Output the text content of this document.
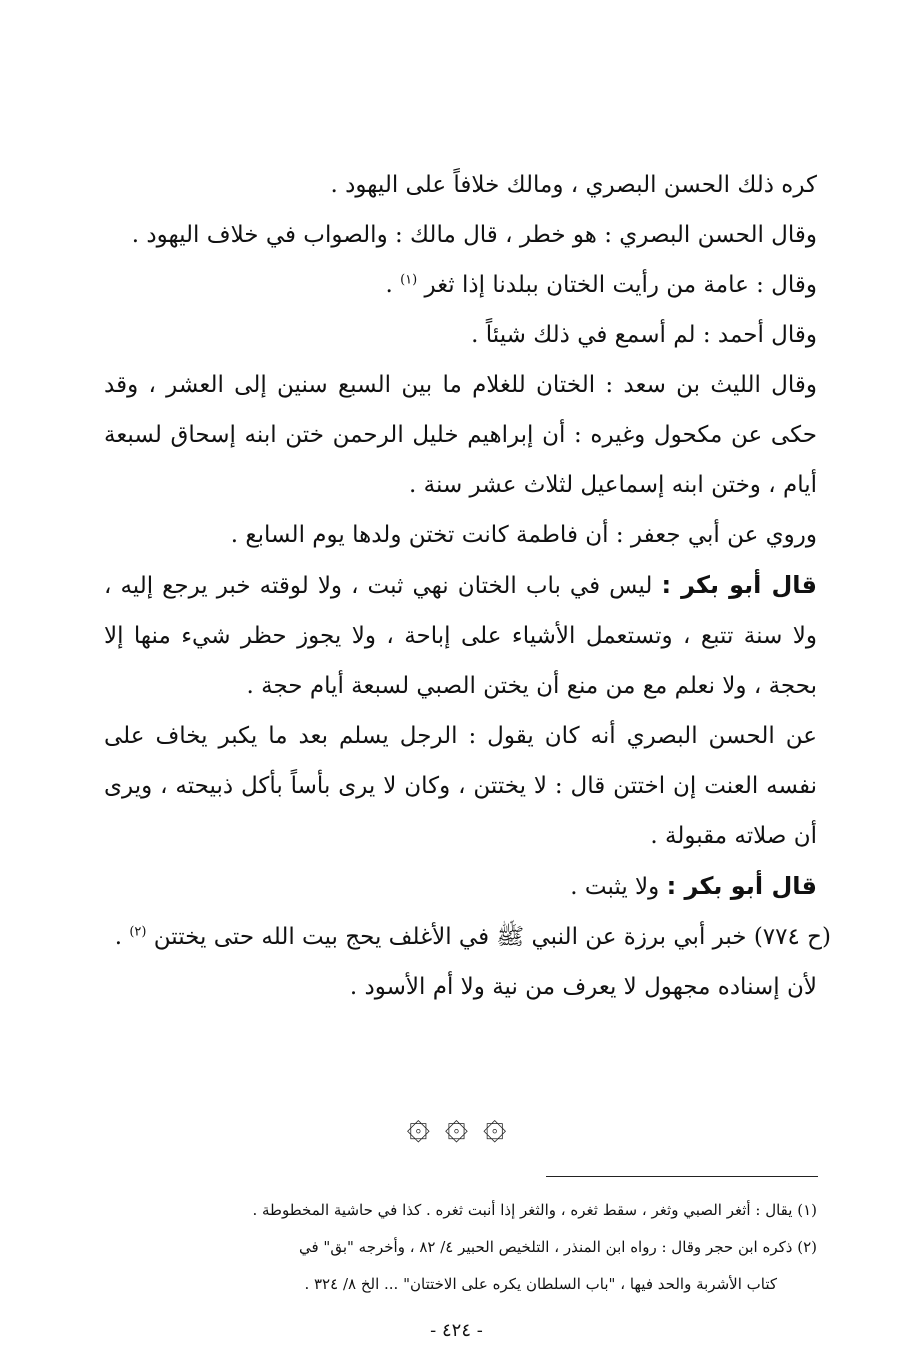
كره ذلك الحسن البصري ، ومالك خلافاً على اليهود .

وقال الحسن البصري : هو خطر ، قال مالك : والصواب في خلاف اليهود .

وقال : عامة من رأيت الختان ببلدنا إذا ثغر $^{(١)}$ .

وقال أحمد : لم أسمع في ذلك شيئاً .

وقال الليث بن سعد : الختان للغلام ما بين السبع سنين إلى العشر ، وقد حكى عن مكحول وغيره : أن إبراهيم خليل الرحمن ختن ابنه إسحاق لسبعة أيام ، وختن ابنه إسماعيل لثلاث عشر سنة .

وروي عن أبي جعفر : أن فاطمة كانت تختن ولدها يوم السابع .

قال أبو بكر : ليس في باب الختان نهي ثبت ، ولا لوقته خبر يرجع إليه ، ولا سنة تتبع ، وتستعمل الأشياء على إباحة ، ولا يجوز حظر شيء منها إلا بحجة ، ولا نعلم مع من منع أن يختن الصبي لسبعة أيام حجة .

عن الحسن البصري أنه كان يقول : الرجل يسلم بعد ما يكبر يخاف على نفسه العنت إن اختتن قال : لا يختتن ، وكان لا يرى بأساً بأكل ذبيحته ، ويرى أن صلاته مقبولة .

قال أبو بكر : ولا يثبت .

(ح ٧٧٤) خبر أبي برزة عن النبي ﷺ في الأغلف يحج بيت الله حتى يختتن $^{(٢)}$ .

لأن إسناده مجهول لا يعرف من نية ولا أم الأسود .

۞ ۞ ۞

(١) يقال : أثغر الصبي وثغر ، سقط ثغره ، والثغر إذا أنبت ثغره . كذا في حاشية المخطوطة .

(٢) ذكره ابن حجر وقال : رواه ابن المنذر ، التلخيص الحبير ٤/ ٨٢ ، وأخرجه "بق" في

كتاب الأشربة والحد فيها ، "باب السلطان يكره على الاختتان" ... الخ ٨/ ٣٢٤ .

- ٤٢٤ -
